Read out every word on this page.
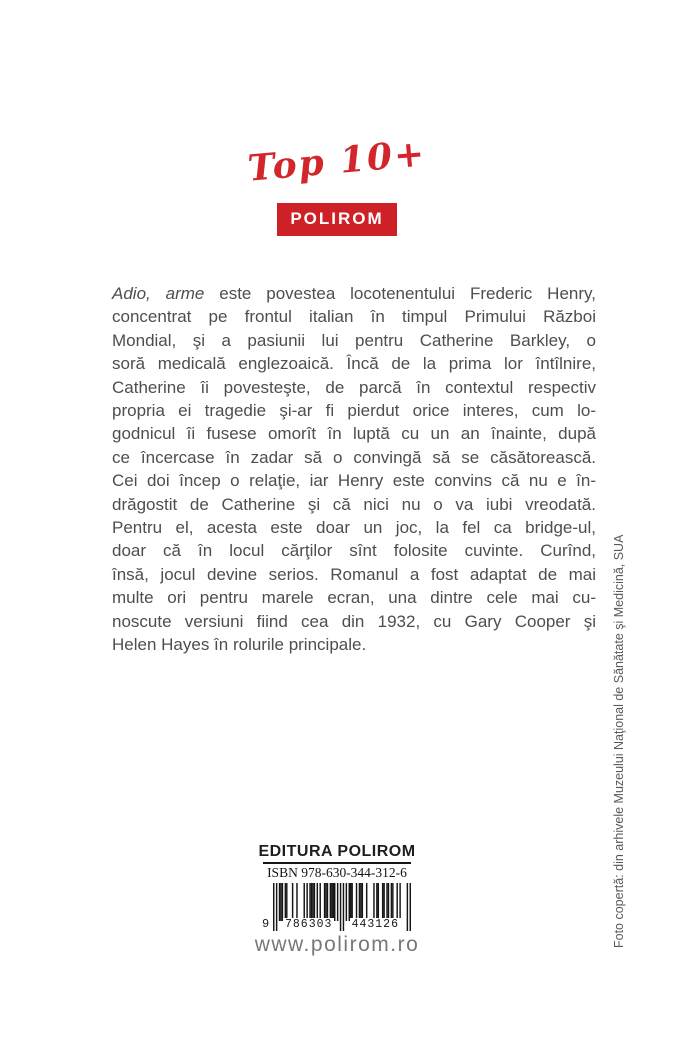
Top 10+
POLIROM
Adio, arme este povestea locotenentului Frederic Henry,
concentrat pe frontul italian în timpul Primului Război
Mondial, şi a pasiunii lui pentru Catherine Barkley, o
soră medicală englezoaică. Încă de la prima lor întîlnire,
Catherine îi povesteşte, de parcă în contextul respectiv
propria ei tragedie şi-ar fi pierdut orice interes, cum lo-
godnicul îi fusese omorît în luptă cu un an înainte, după
ce încercase în zadar să o convingă să se căsătorească.
Cei doi încep o relaţie, iar Henry este convins că nu e în-
drăgostit de Catherine şi că nici nu o va iubi vreodată.
Pentru el, acesta este doar un joc, la fel ca bridge-ul,
doar că în locul cărţilor sînt folosite cuvinte. Curînd,
însă, jocul devine serios. Romanul a fost adaptat de mai
multe ori pentru marele ecran, una dintre cele mai cu-
noscute versiuni fiind cea din 1932, cu Gary Cooper şi
Helen Hayes în rolurile principale.
EDITURA POLIROM
ISBN 978-630-344-312-6
9 786303 443126
www.polirom.ro	Foto copertă: din arhivele Muzeului Naţional de Sănătate şi Medicină, SUA
